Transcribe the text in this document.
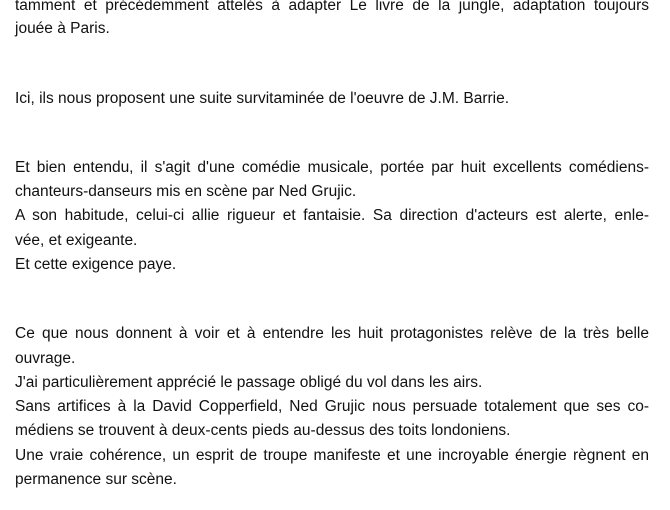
tamment et précédemment attelés à adapter Le livre de la jungle, adaptation toujours
jouée à Paris.
Ici, ils nous proposent une suite survitaminée de l'oeuvre de J.M. Barrie.
Et bien entendu, il s'agit d'une comédie musicale, portée par huit excellents comédiens-
chanteurs-danseurs mis en scène par Ned Grujic.
A son habitude, celui-ci allie rigueur et fantaisie. Sa direction d'acteurs est alerte, enle-
vée, et exigeante.
Et cette exigence paye.
Ce que nous donnent à voir et à entendre les huit protagonistes relève de la très belle
ouvrage.
J'ai particulièrement apprécié le passage obligé du vol dans les airs.
Sans artifices à la David Copperfield, Ned Grujic nous persuade totalement que ses co-
médiens se trouvent à deux-cents pieds au-dessus des toits londoniens.
Une vraie cohérence, un esprit de troupe manifeste et une incroyable énergie règnent en
permanence sur scène.
